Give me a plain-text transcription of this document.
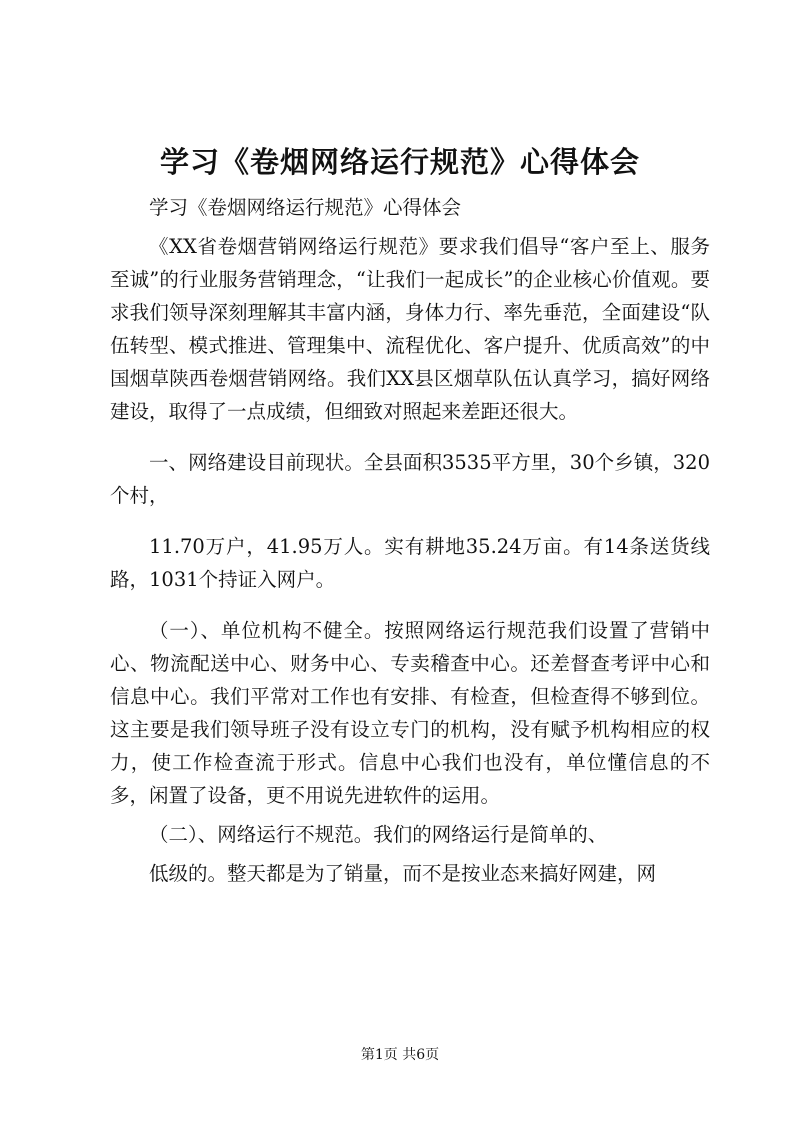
学习《卷烟网络运行规范》心得体会

学习《卷烟网络运行规范》心得体会

《XX省卷烟营销网络运行规范》要求我们倡导“客户至上、服务至诚”的行业服务营销理念，“让我们一起成长”的企业核心价值观。要求我们领导深刻理解其丰富内涵，身体力行、率先垂范，全面建设“队伍转型、模式推进、管理集中、流程优化、客户提升、优质高效”的中国烟草陕西卷烟营销网络。我们XX县区烟草队伍认真学习，搞好网络建设，取得了一点成绩，但细致对照起来差距还很大。

一、网络建设目前现状。全县面积3535平方里，30个乡镇，320个村，

11.70万户，41.95万人。实有耕地35.24万亩。有14条送货线路，1031个持证入网户。

（一）、单位机构不健全。按照网络运行规范我们设置了营销中心、物流配送中心、财务中心、专卖稽查中心。还差督查考评中心和信息中心。我们平常对工作也有安排、有检查，但检查得不够到位。这主要是我们领导班子没有设立专门的机构，没有赋予机构相应的权力，使工作检查流于形式。信息中心我们也没有，单位懂信息的不多，闲置了设备，更不用说先进软件的运用。

（二）、网络运行不规范。我们的网络运行是简单的、

低级的。整天都是为了销量，而不是按业态来搞好网建，网

第1页 共6页
